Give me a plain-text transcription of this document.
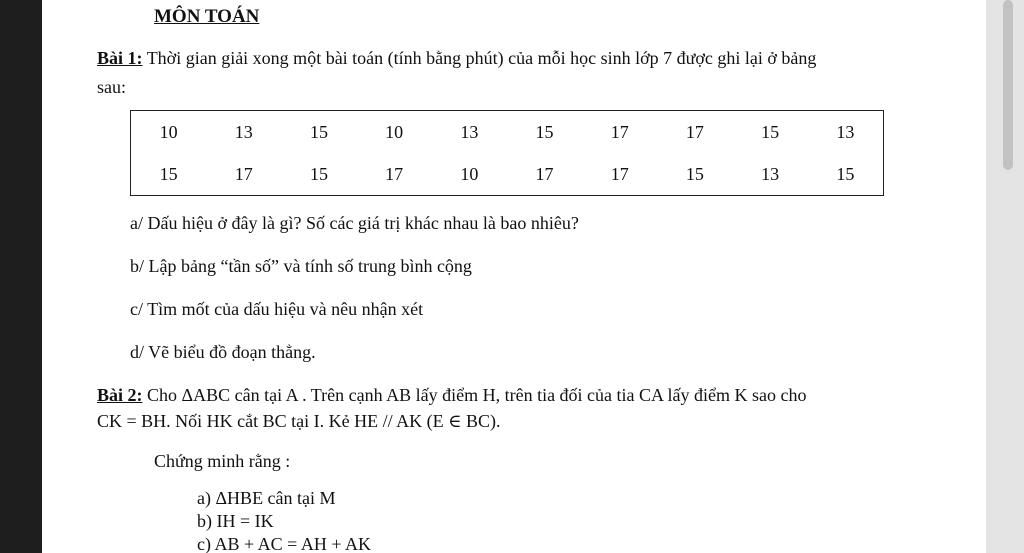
MÔN TOÁN
Bài 1: Thời gian giải xong một bài toán (tính bằng phút) của mỗi học sinh lớp 7 được ghi lại ở bảng
sau:
10	13	15	10	13	15	17	17	15	13
15	17	15	17	10	17	17	15	13	15
a/ Dấu hiệu ở đây là gì? Số các giá trị khác nhau là bao nhiêu?
b/ Lập bảng “tần số” và tính số trung bình cộng
c/ Tìm mốt của dấu hiệu và nêu nhận xét
d/ Vẽ biểu đồ đoạn thẳng.
Bài 2: Cho ΔABC cân tại A . Trên cạnh AB lấy điểm H, trên tia đối của tia CA lấy điểm K sao cho
CK = BH. Nối HK cắt BC tại I. Kẻ HE // AK (E ∈ BC).
Chứng minh rằng :
a) ΔHBE cân tại M
b) IH = IK
c) AB + AC = AH + AK
